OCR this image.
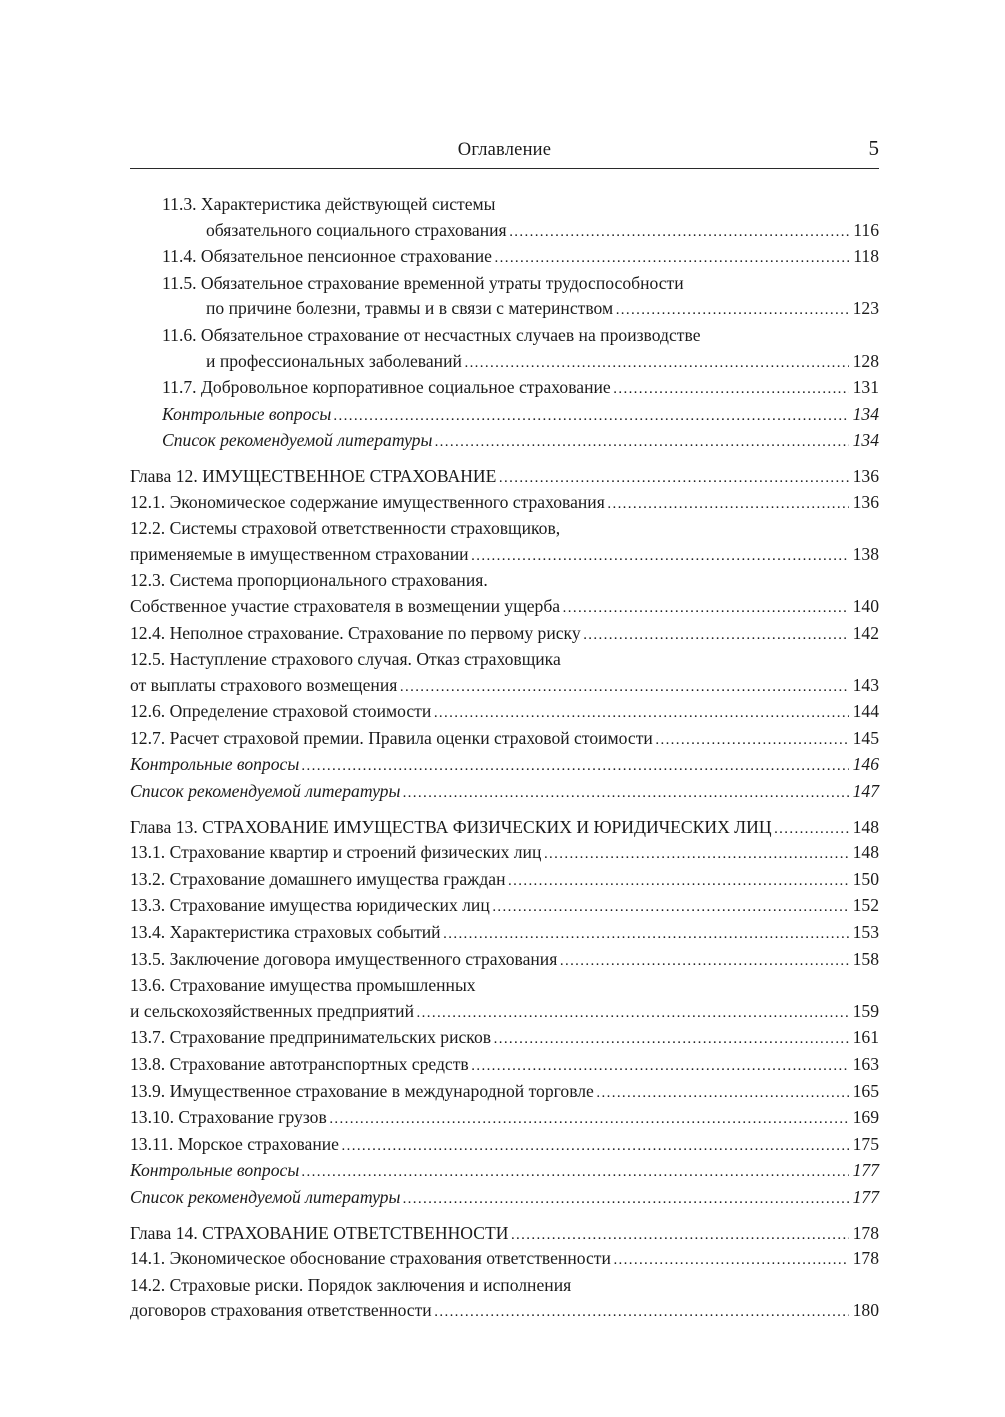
Оглавление	5
11.3. Характеристика действующей системы
обязательного социального страхования . . .	116
11.4. Обязательное пенсионное страхование . . .	118
11.5. Обязательное страхование временной утраты трудоспособности
по причине болезни, травмы и в связи с материнством . . .	123
11.6. Обязательное страхование от несчастных случаев на производстве
и профессиональных заболеваний . . .	128
11.7. Добровольное корпоративное социальное страхование . . .	131
Контрольные вопросы . . .	134
Список рекомендуемой литературы . . .	134
Глава 12. ИМУЩЕСТВЕННОЕ СТРАХОВАНИЕ . . .	136
12.1. Экономическое содержание имущественного страхования . . .	136
12.2. Системы страховой ответственности страховщиков,
применяемые в имущественном страховании . . .	138
12.3. Система пропорционального страхования.
Собственное участие страхователя в возмещении ущерба . . .	140
12.4. Неполное страхование. Страхование по первому риску . . .	142
12.5. Наступление страхового случая. Отказ страховщика
от выплаты страхового возмещения . . .	143
12.6. Определение страховой стоимости . . .	144
12.7. Расчет страховой премии. Правила оценки страховой стоимости . . .	145
Контрольные вопросы . . .	146
Список рекомендуемой литературы . . .	147
Глава 13. СТРАХОВАНИЕ ИМУЩЕСТВА ФИЗИЧЕСКИХ И ЮРИДИЧЕСКИХ ЛИЦ . . .	148
13.1. Страхование квартир и строений физических лиц . . .	148
13.2. Страхование домашнего имущества граждан . . .	150
13.3. Страхование имущества юридических лиц . . .	152
13.4. Характеристика страховых событий . . .	153
13.5. Заключение договора имущественного страхования . . .	158
13.6. Страхование имущества промышленных
и сельскохозяйственных предприятий . . .	159
13.7. Страхование предпринимательских рисков . . .	161
13.8. Страхование автотранспортных средств . . .	163
13.9. Имущественное страхование в международной торговле . . .	165
13.10. Страхование грузов . . .	169
13.11. Морское страхование . . .	175
Контрольные вопросы . . .	177
Список рекомендуемой литературы . . .	177
Глава 14. СТРАХОВАНИЕ ОТВЕТСТВЕННОСТИ . . .	178
14.1. Экономическое обоснование страхования ответственности . . .	178
14.2. Страховые риски. Порядок заключения и исполнения
договоров страхования ответственности . . .	180
